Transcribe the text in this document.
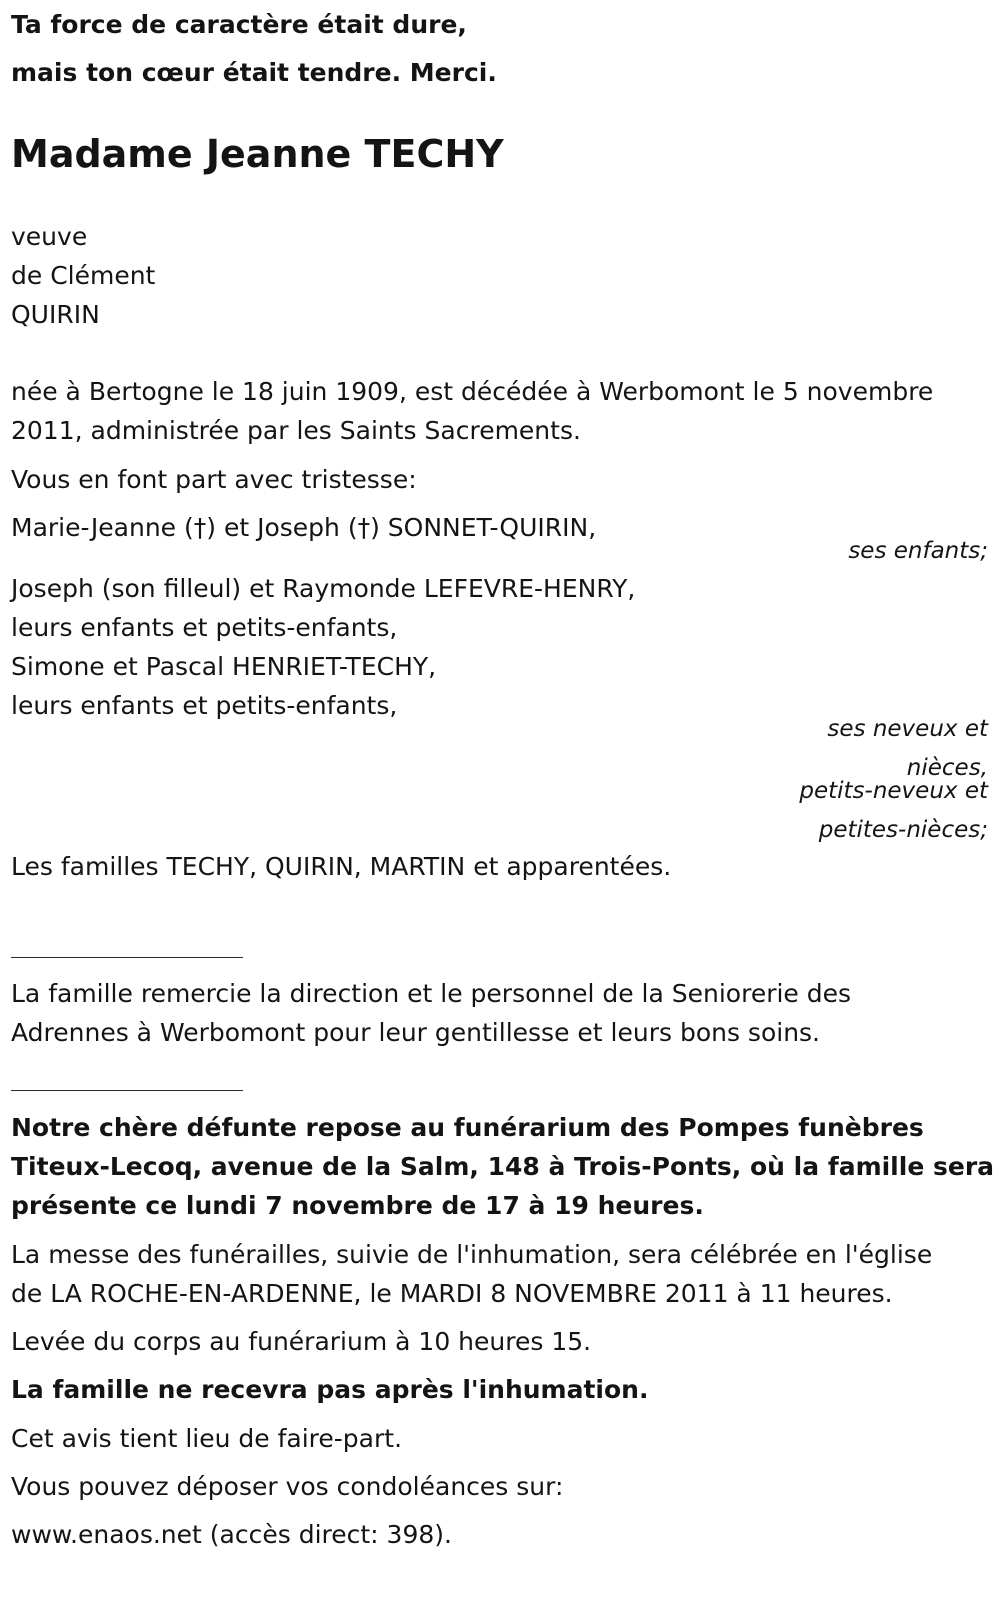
Ta force de caractère était dure,
mais ton cœur était tendre. Merci.
Madame Jeanne TECHY
veuve
de Clément
QUIRIN
née à Bertogne le 18 juin 1909, est décédée à Werbomont le 5 novembre
2011, administrée par les Saints Sacrements.
Vous en font part avec tristesse:
Marie-Jeanne (†) et Joseph (†) SONNET-QUIRIN,
ses enfants;
Joseph (son filleul) et Raymonde LEFEVRE-HENRY,
leurs enfants et petits-enfants,
Simone et Pascal HENRIET-TECHY,
leurs enfants et petits-enfants,
ses neveux et
nièces,
petits-neveux et
petites-nièces;
Les familles TECHY, QUIRIN, MARTIN et apparentées.
La famille remercie la direction et le personnel de la Seniorerie des
Adrennes à Werbomont pour leur gentillesse et leurs bons soins.
Notre chère défunte repose au funérarium des Pompes funèbres
Titeux-Lecoq, avenue de la Salm, 148 à Trois-Ponts, où la famille sera
présente ce lundi 7 novembre de 17 à 19 heures.
La messe des funérailles, suivie de l'inhumation, sera célébrée en l'église
de LA ROCHE-EN-ARDENNE, le MARDI 8 NOVEMBRE 2011 à 11 heures.
Levée du corps au funérarium à 10 heures 15.
La famille ne recevra pas après l'inhumation.
Cet avis tient lieu de faire-part.
Vous pouvez déposer vos condoléances sur:
www.enaos.net (accès direct: 398).
